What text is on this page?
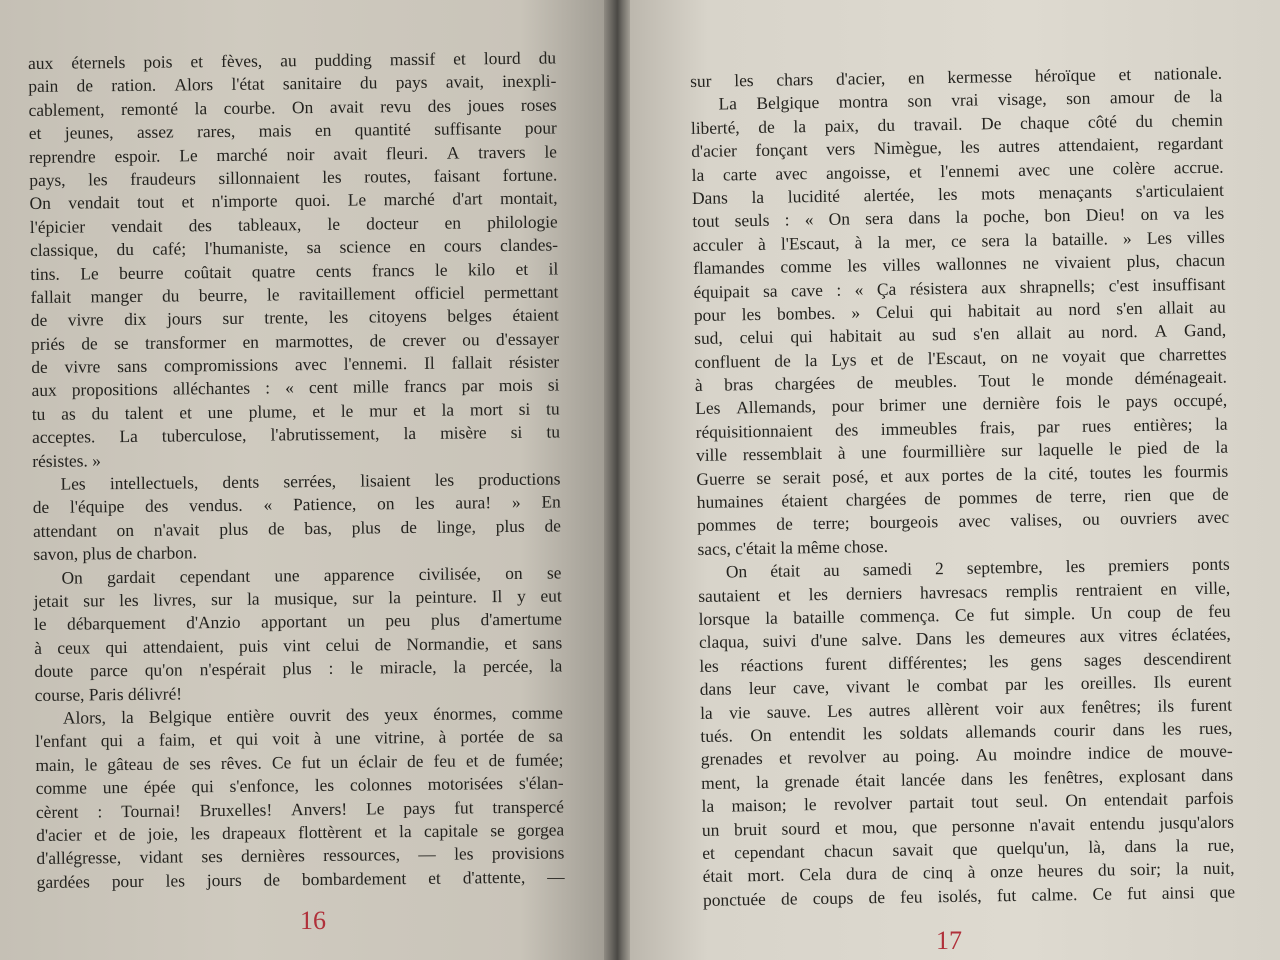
aux éternels pois et fèves, au pudding massif et lourd du
pain de ration. Alors l'état sanitaire du pays avait, inexpli-
cablement, remonté la courbe. On avait revu des joues roses
et jeunes, assez rares, mais en quantité suffisante pour
reprendre espoir. Le marché noir avait fleuri. A travers le
pays, les fraudeurs sillonnaient les routes, faisant fortune.
On vendait tout et n'importe quoi. Le marché d'art montait,
l'épicier vendait des tableaux, le docteur en philologie
classique, du café; l'humaniste, sa science en cours clandes-
tins. Le beurre coûtait quatre cents francs le kilo et il
fallait manger du beurre, le ravitaillement officiel permettant
de vivre dix jours sur trente, les citoyens belges étaient
priés de se transformer en marmottes, de crever ou d'essayer
de vivre sans compromissions avec l'ennemi. Il fallait résister
aux propositions alléchantes : « cent mille francs par mois si
tu as du talent et une plume, et le mur et la mort si tu
acceptes. La tuberculose, l'abrutissement, la misère si tu
résistes. »
Les intellectuels, dents serrées, lisaient les productions
de l'équipe des vendus. « Patience, on les aura! » En
attendant on n'avait plus de bas, plus de linge, plus de
savon, plus de charbon.
On gardait cependant une apparence civilisée, on se
jetait sur les livres, sur la musique, sur la peinture. Il y eut
le débarquement d'Anzio apportant un peu plus d'amertume
à ceux qui attendaient, puis vint celui de Normandie, et sans
doute parce qu'on n'espérait plus : le miracle, la percée, la
course, Paris délivré!
Alors, la Belgique entière ouvrit des yeux énormes, comme
l'enfant qui a faim, et qui voit à une vitrine, à portée de sa
main, le gâteau de ses rêves. Ce fut un éclair de feu et de fumée;
comme une épée qui s'enfonce, les colonnes motorisées s'élan-
cèrent : Tournai! Bruxelles! Anvers! Le pays fut transpercé
d'acier et de joie, les drapeaux flottèrent et la capitale se gorgea
d'allégresse, vidant ses dernières ressources, — les provisions
gardées pour les jours de bombardement et d'attente, —
16
sur les chars d'acier, en kermesse héroïque et nationale.
La Belgique montra son vrai visage, son amour de la
liberté, de la paix, du travail. De chaque côté du chemin
d'acier fonçant vers Nimègue, les autres attendaient, regardant
la carte avec angoisse, et l'ennemi avec une colère accrue.
Dans la lucidité alertée, les mots menaçants s'articulaient
tout seuls : « On sera dans la poche, bon Dieu! on va les
acculer à l'Escaut, à la mer, ce sera la bataille. » Les villes
flamandes comme les villes wallonnes ne vivaient plus, chacun
équipait sa cave : « Ça résistera aux shrapnells; c'est insuffisant
pour les bombes. » Celui qui habitait au nord s'en allait au
sud, celui qui habitait au sud s'en allait au nord. A Gand,
confluent de la Lys et de l'Escaut, on ne voyait que charrettes
à bras chargées de meubles. Tout le monde déménageait.
Les Allemands, pour brimer une dernière fois le pays occupé,
réquisitionnaient des immeubles frais, par rues entières; la
ville ressemblait à une fourmillière sur laquelle le pied de la
Guerre se serait posé, et aux portes de la cité, toutes les fourmis
humaines étaient chargées de pommes de terre, rien que de
pommes de terre; bourgeois avec valises, ou ouvriers avec
sacs, c'était la même chose.
On était au samedi 2 septembre, les premiers ponts
sautaient et les derniers havresacs remplis rentraient en ville,
lorsque la bataille commença. Ce fut simple. Un coup de feu
claqua, suivi d'une salve. Dans les demeures aux vitres éclatées,
les réactions furent différentes; les gens sages descendirent
dans leur cave, vivant le combat par les oreilles. Ils eurent
la vie sauve. Les autres allèrent voir aux fenêtres; ils furent
tués. On entendit les soldats allemands courir dans les rues,
grenades et revolver au poing. Au moindre indice de mouve-
ment, la grenade était lancée dans les fenêtres, explosant dans
la maison; le revolver partait tout seul. On entendait parfois
un bruit sourd et mou, que personne n'avait entendu jusqu'alors
et cependant chacun savait que quelqu'un, là, dans la rue,
était mort. Cela dura de cinq à onze heures du soir; la nuit,
ponctuée de coups de feu isolés, fut calme. Ce fut ainsi que
17
